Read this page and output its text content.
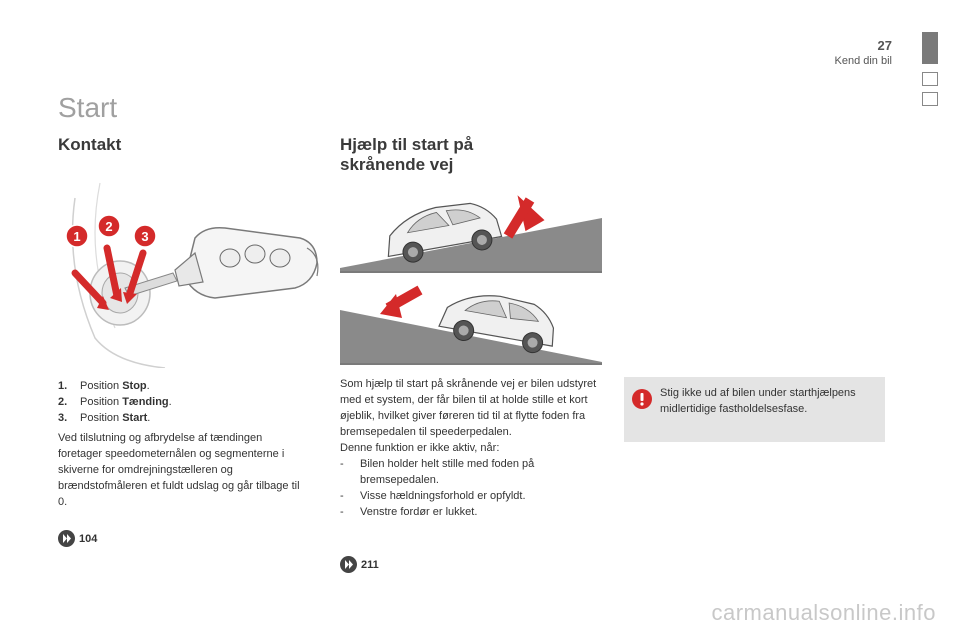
27
Kend din bil
Start
Kontakt	Hjælp til start på skrånende vej
1
2
3
1.	Position Stop.
2.	Position Tænding.
3.	Position Start.

Ved tilslutning og afbrydelse af tændingen foretager speedometernålen og segmenterne i skiverne for omdrejningstælleren og brændstofmåleren et fuldt udslag og går tilbage til 0.

104

Som hjælp til start på skrånende vej er bilen udstyret med et system, der får bilen til at holde stille et kort øjeblik, hvilket giver føreren tid til at flytte foden fra bremsepedalen til speederpedalen.

Denne funktion er ikke aktiv, når:

-	Bilen holder helt stille med foden på bremsepedalen.
-	Visse hældningsforhold er opfyldt.
-	Venstre fordør er lukket.
211

Stig ikke ud af bilen under starthjælpens midlertidige fastholdelsesfase.

carmanualsonline.info
